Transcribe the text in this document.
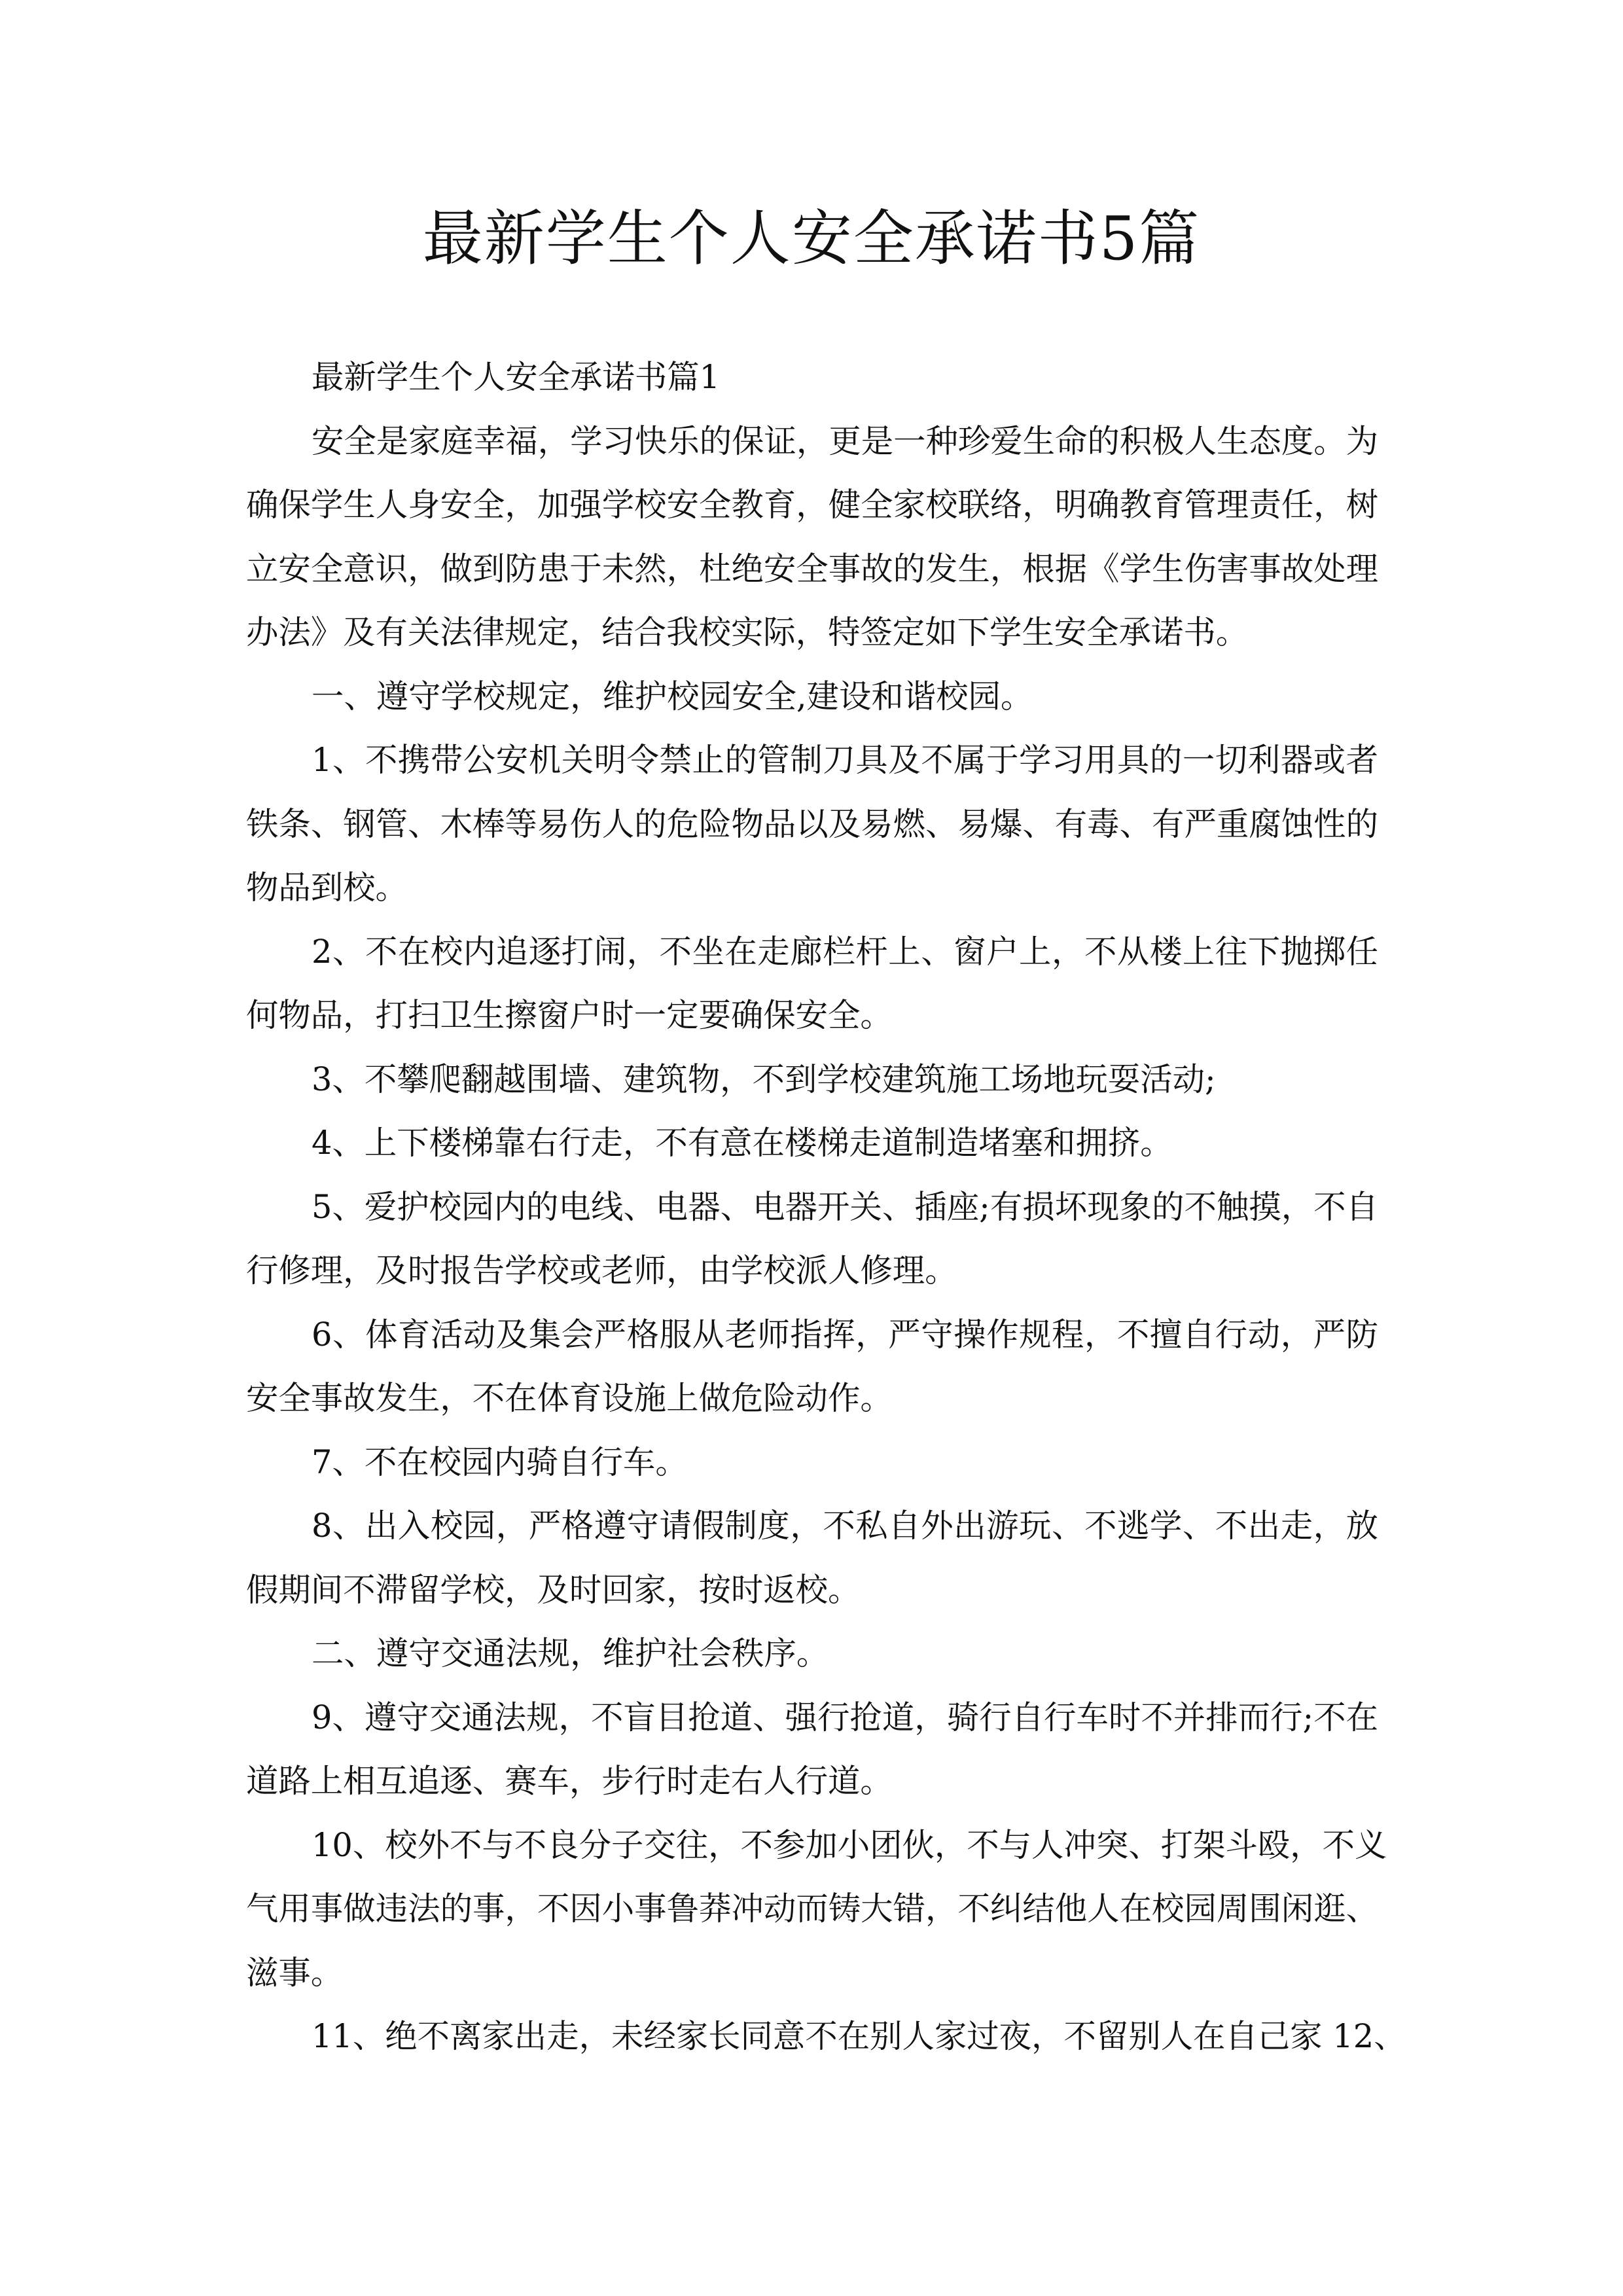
最新学生个人安全承诺书5篇
最新学生个人安全承诺书篇1
安全是家庭幸福，学习快乐的保证，更是一种珍爱生命的积极人生态度。为
确保学生人身安全，加强学校安全教育，健全家校联络，明确教育管理责任，树
立安全意识，做到防患于未然，杜绝安全事故的发生，根据《学生伤害事故处理
办法》及有关法律规定，结合我校实际，特签定如下学生安全承诺书。
一、遵守学校规定，维护校园安全,建设和谐校园。
1、不携带公安机关明令禁止的管制刀具及不属于学习用具的一切利器或者
铁条、钢管、木棒等易伤人的危险物品以及易燃、易爆、有毒、有严重腐蚀性的
物品到校。
2、不在校内追逐打闹，不坐在走廊栏杆上、窗户上，不从楼上往下抛掷任
何物品，打扫卫生擦窗户时一定要确保安全。
3、不攀爬翻越围墙、建筑物，不到学校建筑施工场地玩耍活动;
4、上下楼梯靠右行走，不有意在楼梯走道制造堵塞和拥挤。
5、爱护校园内的电线、电器、电器开关、插座;有损坏现象的不触摸，不自
行修理，及时报告学校或老师，由学校派人修理。
6、体育活动及集会严格服从老师指挥，严守操作规程，不擅自行动，严防
安全事故发生，不在体育设施上做危险动作。
7、不在校园内骑自行车。
8、出入校园，严格遵守请假制度，不私自外出游玩、不逃学、不出走，放
假期间不滞留学校，及时回家，按时返校。
二、遵守交通法规，维护社会秩序。
9、遵守交通法规，不盲目抢道、强行抢道，骑行自行车时不并排而行;不在
道路上相互追逐、赛车，步行时走右人行道。
10、校外不与不良分子交往，不参加小团伙，不与人冲突、打架斗殴，不义
气用事做违法的事，不因小事鲁莽冲动而铸大错，不纠结他人在校园周围闲逛、
滋事。
11、绝不离家出走，未经家长同意不在别人家过夜，不留别人在自己家 12、
